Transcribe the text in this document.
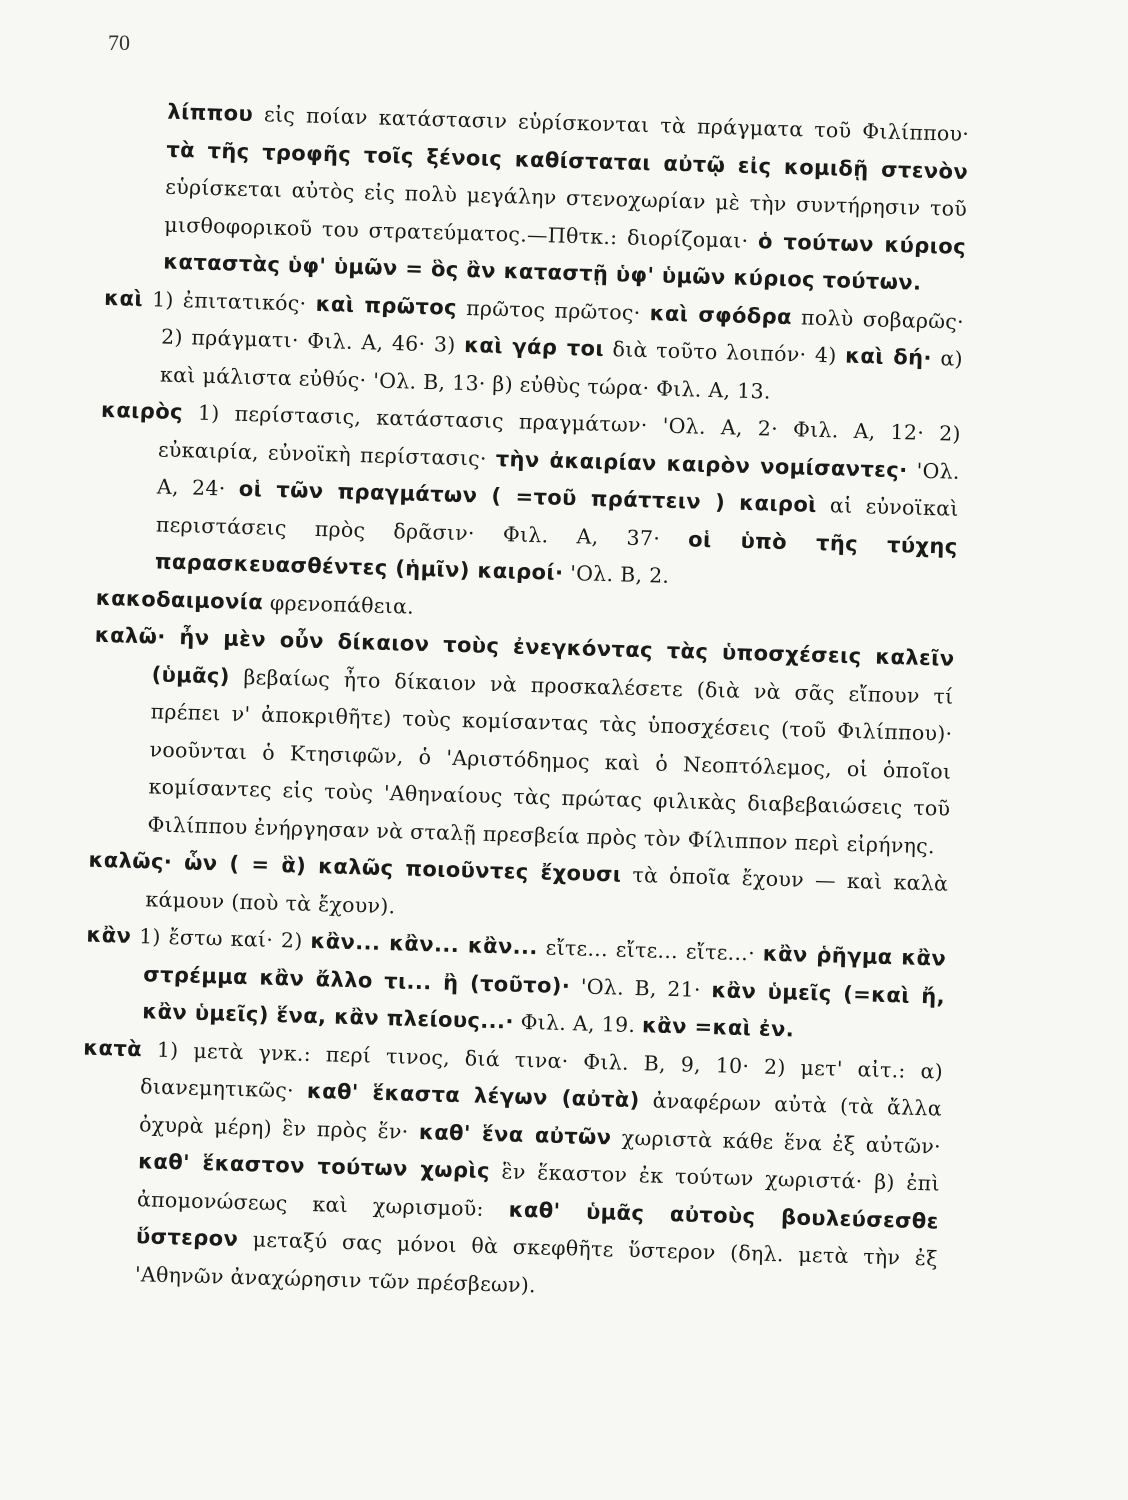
70

λίππου εἰς ποίαν κατάστασιν εὑρίσκονται τὰ πράγματα τοῦ Φιλίππου· τὰ τῆς τροφῆς τοῖς ξένοις καθίσταται αὐτῷ εἰς κομιδῇ στενὸν εὑρίσκεται αὐτὸς εἰς πολὺ μεγάλην στενοχωρίαν μὲ τὴν συντήρησιν τοῦ μισθοφορικοῦ του στρατεύματος.—Πθτκ.: διορίζομαι· ὁ τούτων κύριος καταστὰς ὑφ' ὑμῶν = ὃς ἂν καταστῇ ὑφ' ὑμῶν κύριος τούτων.

καὶ 1) ἐπιτατικός· καὶ πρῶτος πρῶτος πρῶτος· καὶ σφόδρα πολὺ σοβαρῶς· 2) πράγματι· Φιλ. Α, 46· 3) καὶ γάρ τοι διὰ τοῦτο λοιπόν· 4) καὶ δή· α) καὶ μάλιστα εὐθύς· 'Ολ. Β, 13· β) εὐθὺς τώρα· Φιλ. Α, 13.

καιρὸς 1) περίστασις, κατάστασις πραγμάτων· 'Ολ. Α, 2· Φιλ. Α, 12· 2) εὐκαιρία, εὐνοϊκὴ περίστασις· τὴν ἀκαιρίαν καιρὸν νομίσαντες· 'Ολ. Α, 24· οἱ τῶν πραγμάτων ( =τοῦ πράττειν ) καιροὶ αἱ εὐνοϊκαὶ περιστάσεις πρὸς δρᾶσιν· Φιλ. Α, 37· οἱ ὑπὸ τῆς τύχης παρασκευασθέντες (ἡμῖν) καιροί· 'Ολ. Β, 2.

κακοδαιμονία φρενοπάθεια.

καλῶ· ἦν μὲν οὖν δίκαιον τοὺς ἐνεγκόντας τὰς ὑποσχέσεις καλεῖν (ὑμᾶς) βεβαίως ἦτο δίκαιον νὰ προσκαλέσετε (διὰ νὰ σᾶς εἴπουν τί πρέπει ν' ἀποκριθῆτε) τοὺς κομίσαντας τὰς ὑποσχέσεις (τοῦ Φιλίππου)· νοοῦνται ὁ Κτησιφῶν, ὁ 'Αριστόδημος καὶ ὁ Νεοπτόλεμος, οἱ ὁποῖοι κομίσαντες εἰς τοὺς 'Αθηναίους τὰς πρώτας φιλικὰς διαβεβαιώσεις τοῦ Φιλίππου ἐνήργησαν νὰ σταλῇ πρεσβεία πρὸς τὸν Φίλιππον περὶ εἰρήνης.

καλῶς· ὧν ( = ἃ) καλῶς ποιοῦντες ἔχουσι τὰ ὁποῖα ἔχουν — καὶ καλὰ κάμουν (ποὺ τὰ ἔχουν).

κἂν 1) ἔστω καί· 2) κἂν... κἂν... κἂν... εἴτε... εἴτε... εἴτε...· κἂν ῥῆγμα κἂν στρέμμα κἂν ἄλλο τι... ἢ (τοῦτο)· 'Ολ. Β, 21· κἂν ὑμεῖς (=καὶ ἤ, κἂν ὑμεῖς) ἕνα, κἂν πλείους...· Φιλ. Α, 19. κἂν =καὶ ἐν.

κατὰ 1) μετὰ γνκ.: περί τινος, διά τινα· Φιλ. Β, 9, 10· 2) μετ' αἰτ.: α) διανεμητικῶς· καθ' ἕκαστα λέγων (αὐτὰ) ἀναφέρων αὐτὰ (τὰ ἄλλα ὀχυρὰ μέρη) ἓν πρὸς ἕν· καθ' ἕνα αὐτῶν χωριστὰ κάθε ἕνα ἐξ αὐτῶν· καθ' ἕκαστον τούτων χωρὶς ἓν ἕκαστον ἐκ τούτων χωριστά· β) ἐπὶ ἀπομονώσεως καὶ χωρισμοῦ: καθ' ὑμᾶς αὐτοὺς βουλεύσεσθε ὕστερον μεταξύ σας μόνοι θὰ σκεφθῆτε ὕστερον (δηλ. μετὰ τὴν ἐξ 'Αθηνῶν ἀναχώρησιν τῶν πρέσβεων).
